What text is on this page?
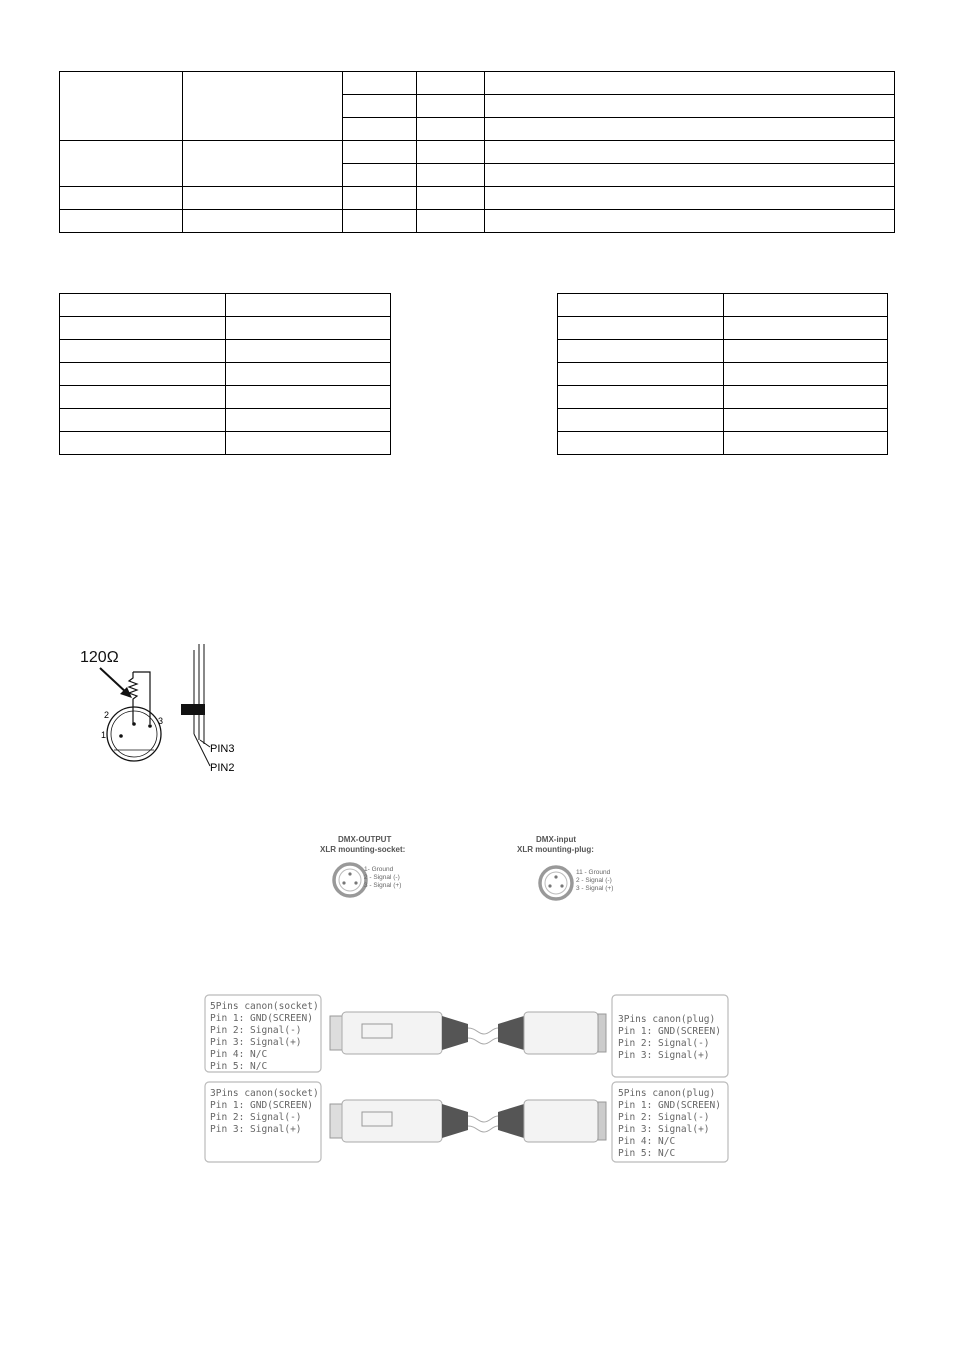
120Ω
1
2
3
PIN3
PIN2
DMX-OUTPUT
XLR mounting-socket:
1- Ground
2 - Signal (-)
3 - Signal (+)
DMX-input
XLR mounting-plug:
11 - Ground
2 - Signal (-)
3 - Signal (+)
5Pins canon(socket)
Pin 1: GND(SCREEN)
Pin 2: Signal(-)
Pin 3: Signal(+)
Pin 4: N/C
Pin 5: N/C
3Pins canon(plug)
Pin 1: GND(SCREEN)
Pin 2: Signal(-)
Pin 3: Signal(+)
3Pins canon(socket)
Pin 1: GND(SCREEN)
Pin 2: Signal(-)
Pin 3: Signal(+)
5Pins canon(plug)
Pin 1: GND(SCREEN)
Pin 2: Signal(-)
Pin 3: Signal(+)
Pin 4: N/C
Pin 5: N/C
